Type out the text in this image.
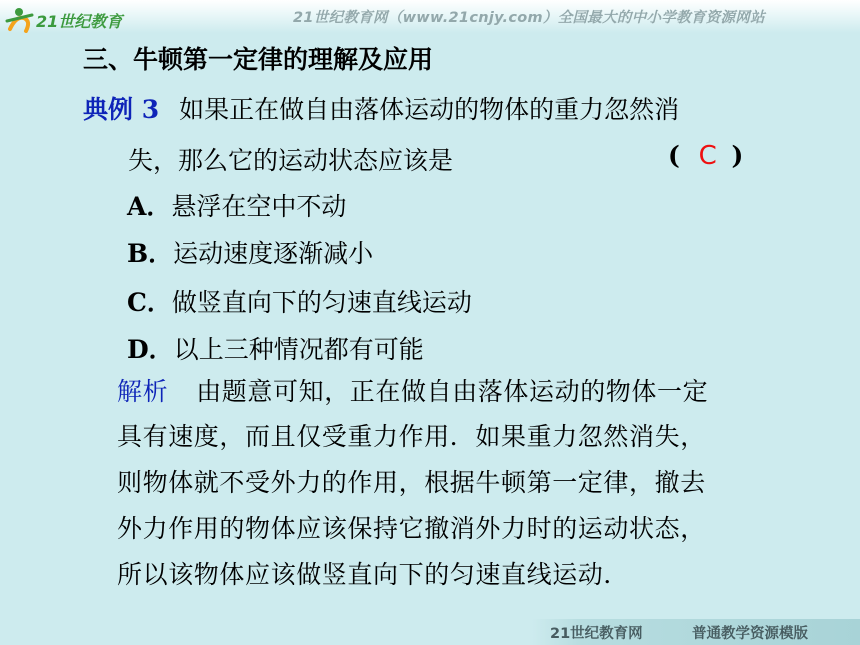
21世纪教育	21世纪教育网（www.21cnjy.com）全国最大的中小学教育资源网站
三、牛顿第一定律的理解及应用
典例 3 如果正在做自由落体运动的物体的重力忽然消
失，那么它的运动状态应该是	( C )
A．悬浮在空中不动
B．运动速度逐渐减小
C．做竖直向下的匀速直线运动
D．以上三种情况都有可能
解析 由题意可知，正在做自由落体运动的物体一定
具有速度，而且仅受重力作用．如果重力忽然消失，
则物体就不受外力的作用，根据牛顿第一定律，撤去
外力作用的物体应该保持它撤消外力时的运动状态，
所以该物体应该做竖直向下的匀速直线运动．
21世纪教育网	普通教学资源模版
